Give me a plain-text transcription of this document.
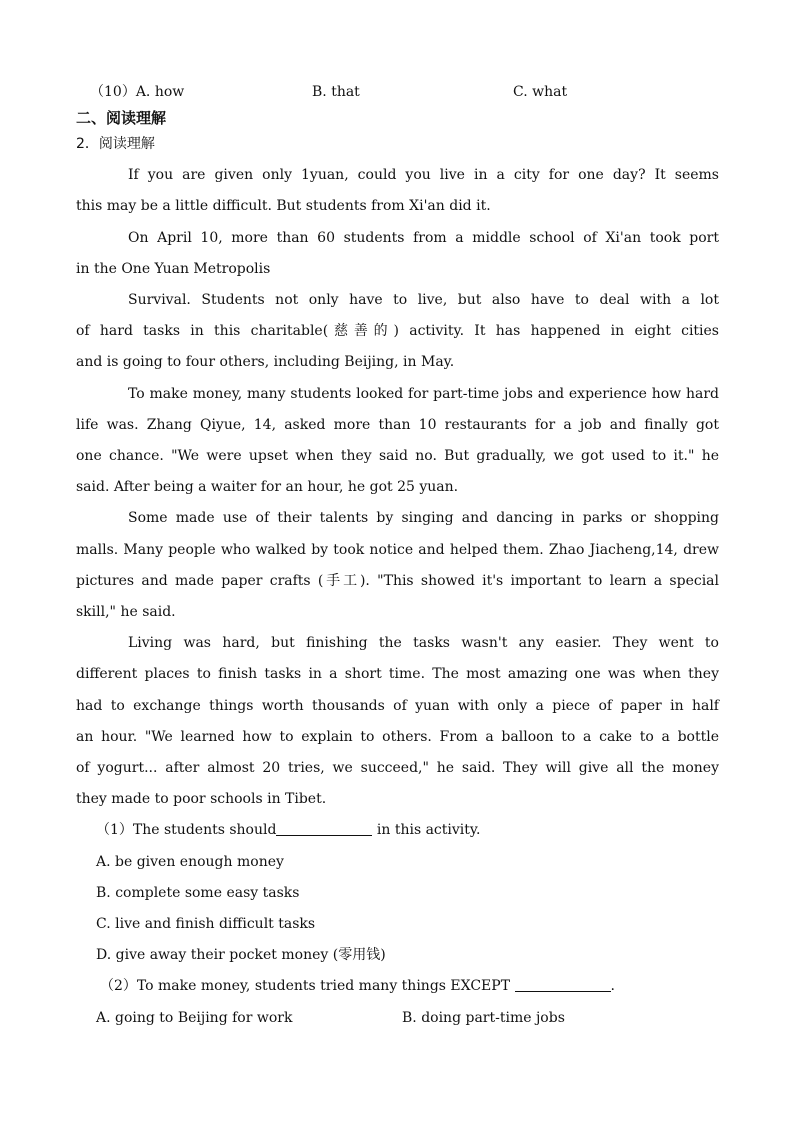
（10）A. how	B. that	C. what
二、阅读理解
2．阅读理解
If you are given only 1yuan, could you live in a city for one day? It seems
this may be a little difficult. But students from Xi'an did it.
On April 10, more than 60 students from a middle school of Xi'an took port
in the One Yuan Metropolis
Survival. Students not only have to live, but also have to deal with a lot
of hard tasks in this charitable(慈善的) activity. It has happened in eight cities
and is going to four others, including Beijing, in May.
To make money, many students looked for part-time jobs and experience how hard
life was. Zhang Qiyue, 14, asked more than 10 restaurants for a job and finally got
one chance. "We were upset when they said no. But gradually, we got used to it." he
said. After being a waiter for an hour, he got 25 yuan.
Some made use of their talents by singing and dancing in parks or shopping
malls. Many people who walked by took notice and helped them. Zhao Jiacheng,14, drew
pictures and made paper crafts (手工). "This showed it's important to learn a special
skill," he said.
Living was hard, but finishing the tasks wasn't any easier. They went to
different places to finish tasks in a short time. The most amazing one was when they
had to exchange things worth thousands of yuan with only a piece of paper in half
an hour. "We learned how to explain to others. From a balloon to a cake to a bottle
of yogurt... after almost 20 tries, we succeed," he said. They will give all the money
they made to poor schools in Tibet.
（1）The students should	in this activity.
A. be given enough money
B. complete some easy tasks
C. live and finish difficult tasks
D. give away their pocket money (零用钱)
（2）To make money, students tried many things EXCEPT	.
A. going to Beijing for work	B. doing part-time jobs
